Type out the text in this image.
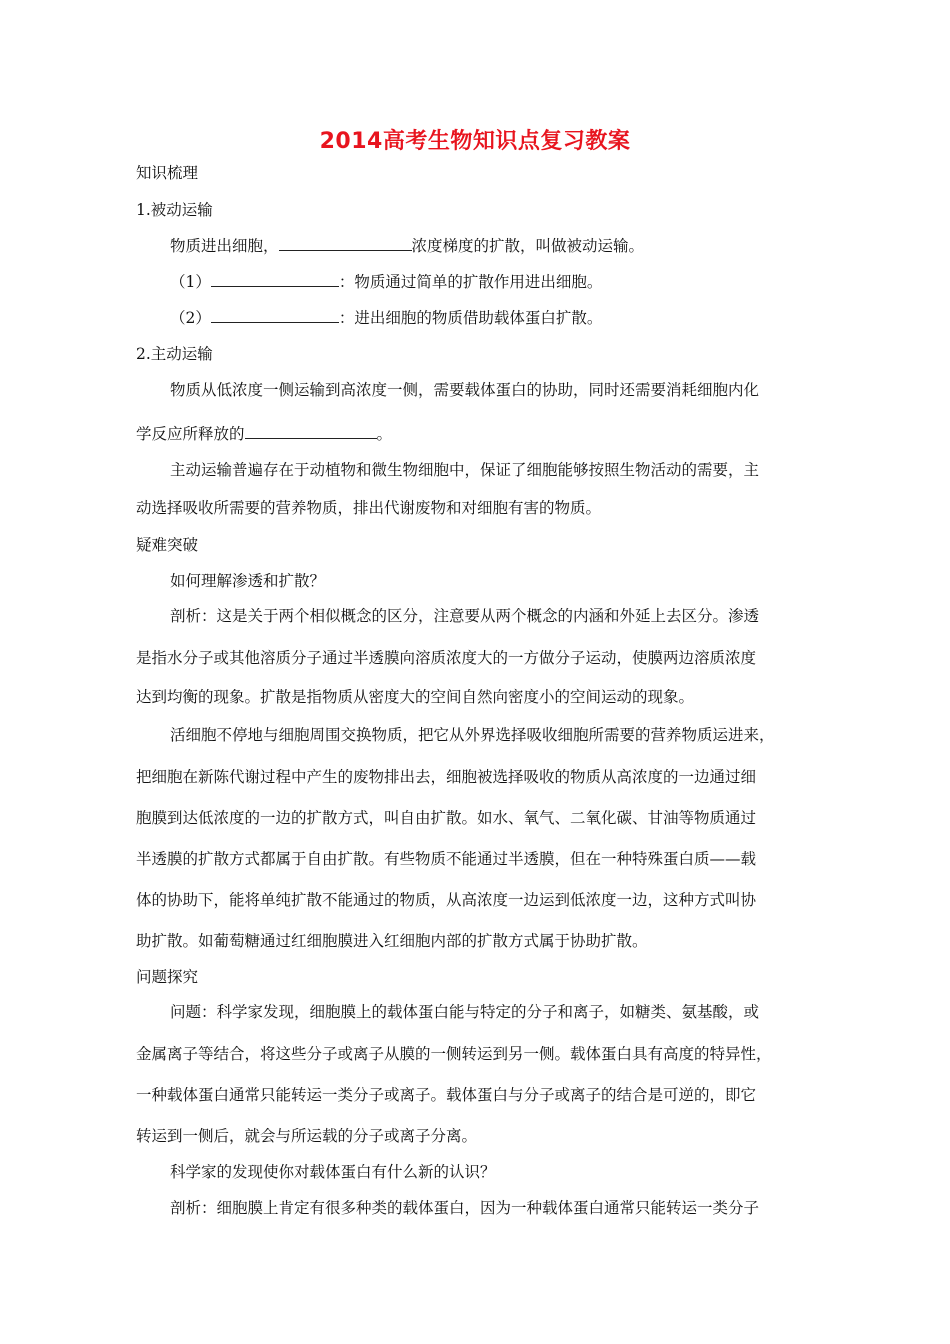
2014高考生物知识点复习教案
知识梳理
1.被动运输
物质进出细胞，	浓度梯度的扩散，叫做被动运输。
（1）	：物质通过简单的扩散作用进出细胞。
（2）	：进出细胞的物质借助载体蛋白扩散。
2.主动运输
物质从低浓度一侧运输到高浓度一侧，需要载体蛋白的协助，同时还需要消耗细胞内化
学反应所释放的	。
主动运输普遍存在于动植物和微生物细胞中，保证了细胞能够按照生物活动的需要，主
动选择吸收所需要的营养物质，排出代谢废物和对细胞有害的物质。
疑难突破
如何理解渗透和扩散？
剖析：这是关于两个相似概念的区分，注意要从两个概念的内涵和外延上去区分。渗透
是指水分子或其他溶质分子通过半透膜向溶质浓度大的一方做分子运动，使膜两边溶质浓度
达到均衡的现象。扩散是指物质从密度大的空间自然向密度小的空间运动的现象。
活细胞不停地与细胞周围交换物质，把它从外界选择吸收细胞所需要的营养物质运进来，
把细胞在新陈代谢过程中产生的废物排出去，细胞被选择吸收的物质从高浓度的一边通过细
胞膜到达低浓度的一边的扩散方式，叫自由扩散。如水、氧气、二氧化碳、甘油等物质通过
半透膜的扩散方式都属于自由扩散。有些物质不能通过半透膜，但在一种特殊蛋白质——载
体的协助下，能将单纯扩散不能通过的物质，从高浓度一边运到低浓度一边，这种方式叫协
助扩散。如葡萄糖通过红细胞膜进入红细胞内部的扩散方式属于协助扩散。
问题探究
问题：科学家发现，细胞膜上的载体蛋白能与特定的分子和离子，如糖类、氨基酸，或
金属离子等结合，将这些分子或离子从膜的一侧转运到另一侧。载体蛋白具有高度的特异性，
一种载体蛋白通常只能转运一类分子或离子。载体蛋白与分子或离子的结合是可逆的，即它
转运到一侧后，就会与所运载的分子或离子分离。
科学家的发现使你对载体蛋白有什么新的认识？
剖析：细胞膜上肯定有很多种类的载体蛋白，因为一种载体蛋白通常只能转运一类分子
